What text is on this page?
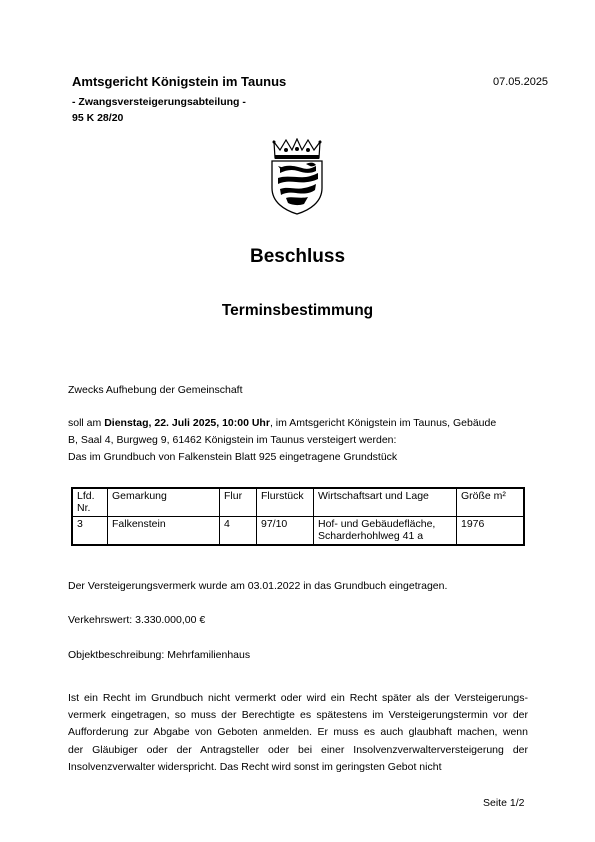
Amtsgericht Königstein im Taunus	07.05.2025
- Zwangsversteigerungsabteilung -
95 K 28/20
Beschluss
Terminsbestimmung
Zwecks Aufhebung der Gemeinschaft
soll am Dienstag, 22. Juli 2025, 10:00 Uhr, im Amtsgericht Königstein im Taunus, Gebäude
B, Saal 4, Burgweg 9, 61462 Königstein im Taunus versteigert werden:
Das im Grundbuch von Falkenstein Blatt 925 eingetragene Grundstück
Lfd. Nr.	Gemarkung	Flur	Flurstück	Wirtschaftsart und Lage	Größe m²
3	Falkenstein	4	97/10	Hof- und Gebäudefläche, Scharderhohlweg 41 a	1976
Der Versteigerungsvermerk wurde am 03.01.2022 in das Grundbuch eingetragen.
Verkehrswert: 3.330.000,00 €
Objektbeschreibung: Mehrfamilienhaus
Ist ein Recht im Grundbuch nicht vermerkt oder wird ein Recht später als der Versteigerungs-
vermerk eingetragen, so muss der Berechtigte es spätestens im Versteigerungstermin vor der
Aufforderung zur Abgabe von Geboten anmelden. Er muss es auch glaubhaft machen, wenn
der Gläubiger oder der Antragsteller oder bei einer Insolvenzverwalterversteigerung der
Insolvenzverwalter widerspricht. Das Recht wird sonst im geringsten Gebot nicht
Seite 1/2
